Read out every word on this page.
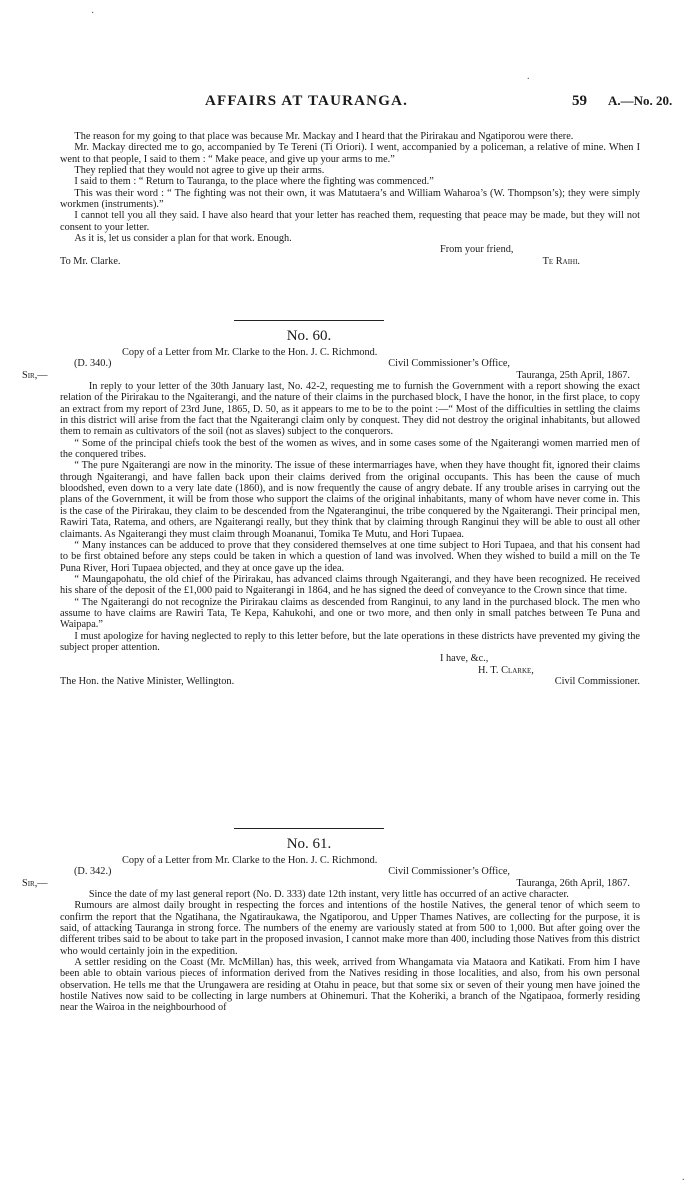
·
.
AFFAIRS AT TAURANGA.	59 A.—No. 20.

The reason for my going to that place was because Mr. Mackay and I heard that the Pirirakau and Ngatiporou were there.

Mr. Mackay directed me to go, accompanied by Te Tereni (Ti Oriori). I went, accompanied by a policeman, a relative of mine. When I went to that people, I said to them : “ Make peace, and give up your arms to me.”

They replied that they would not agree to give up their arms.

I said to them : “ Return to Tauranga, to the place where the fighting was commenced.”

This was their word : “ The fighting was not their own, it was Matutaera’s and William Waharoa’s (W. Thompson’s); they were simply workmen (instruments).”

I cannot tell you all they said. I have also heard that your letter has reached them, requesting that peace may be made, but they will not consent to your letter.

As it is, let us consider a plan for that work. Enough.

From your friend,

To Mr. Clarke.	Te Raihi.
No. 60.

Copy of a Letter from Mr. Clarke to the Hon. J. C. Richmond.

(D. 340.)	Civil Commissioner’s Office,
Sir,—	Tauranga, 25th April, 1867.

In reply to your letter of the 30th January last, No. 42-2, requesting me to furnish the Government with a report showing the exact relation of the Pirirakau to the Ngaiterangi, and the nature of their claims in the purchased block, I have the honor, in the first place, to copy an extract from my report of 23rd June, 1865, D. 50, as it appears to me to be to the point :—“ Most of the difficulties in settling the claims in this district will arise from the fact that the Ngaiterangi claim only by conquest. They did not destroy the original inhabitants, but allowed them to remain as cultivators of the soil (not as slaves) subject to the conquerors.

“ Some of the principal chiefs took the best of the women as wives, and in some cases some of the Ngaiterangi women married men of the conquered tribes.

“ The pure Ngaiterangi are now in the minority. The issue of these intermarriages have, when they have thought fit, ignored their claims through Ngaiterangi, and have fallen back upon their claims derived from the original occupants. This has been the cause of much bloodshed, even down to a very late date (1860), and is now frequently the cause of angry debate. If any trouble arises in carrying out the plans of the Government, it will be from those who support the claims of the original inhabitants, many of whom have never come in. This is the case of the Pirirakau, they claim to be descended from the Ngateranginui, the tribe conquered by the Ngaiterangi. Their principal men, Rawiri Tata, Ratema, and others, are Ngaiterangi really, but they think that by claiming through Ranginui they will be able to oust all other claimants. As Ngaiterangi they must claim through Moananui, Tomika Te Mutu, and Hori Tupaea.

“ Many instances can be adduced to prove that they considered themselves at one time subject to Hori Tupaea, and that his consent had to be first obtained before any steps could be taken in which a question of land was involved. When they wished to build a mill on the Te Puna River, Hori Tupaea objected, and they at once gave up the idea.

“ Maungapohatu, the old chief of the Pirirakau, has advanced claims through Ngaiterangi, and they have been recognized. He received his share of the deposit of the £1,000 paid to Ngaiterangi in 1864, and he has signed the deed of conveyance to the Crown since that time.

“ The Ngaiterangi do not recognize the Pirirakau claims as descended from Ranginui, to any land in the purchased block. The men who assume to have claims are Rawiri Tata, Te Kepa, Kahukohi, and one or two more, and then only in small patches between Te Puna and Waipapa.”

I must apologize for having neglected to reply to this letter before, but the late operations in these districts have prevented my giving the subject proper attention.

I have, &c.,

H. T. Clarke,

The Hon. the Native Minister, Wellington.	Civil Commissioner.
No. 61.

Copy of a Letter from Mr. Clarke to the Hon. J. C. Richmond.

(D. 342.)	Civil Commissioner’s Office,
Sir,—	Tauranga, 26th April, 1867.

Since the date of my last general report (No. D. 333) date 12th instant, very little has occurred of an active character.

Rumours are almost daily brought in respecting the forces and intentions of the hostile Natives, the general tenor of which seem to confirm the report that the Ngatihana, the Ngatiraukawa, the Ngatiporou, and Upper Thames Natives, are collecting for the purpose, it is said, of attacking Tauranga in strong force. The numbers of the enemy are variously stated at from 500 to 1,000. But after going over the different tribes said to be about to take part in the proposed invasion, I cannot make more than 400, including those Natives from this district who would certainly join in the expedition.

A settler residing on the Coast (Mr. McMillan) has, this week, arrived from Whangamata via Mataora and Katikati. From him I have been able to obtain various pieces of information derived from the Natives residing in those localities, and also, from his own personal observation. He tells me that the Urungawera are residing at Otahu in peace, but that some six or seven of their young men have joined the hostile Natives now said to be collecting in large numbers at Ohinemuri. That the Koheriki, a branch of the Ngatipaoa, formerly residing near the Wairoa in the neighbourhood of

.
